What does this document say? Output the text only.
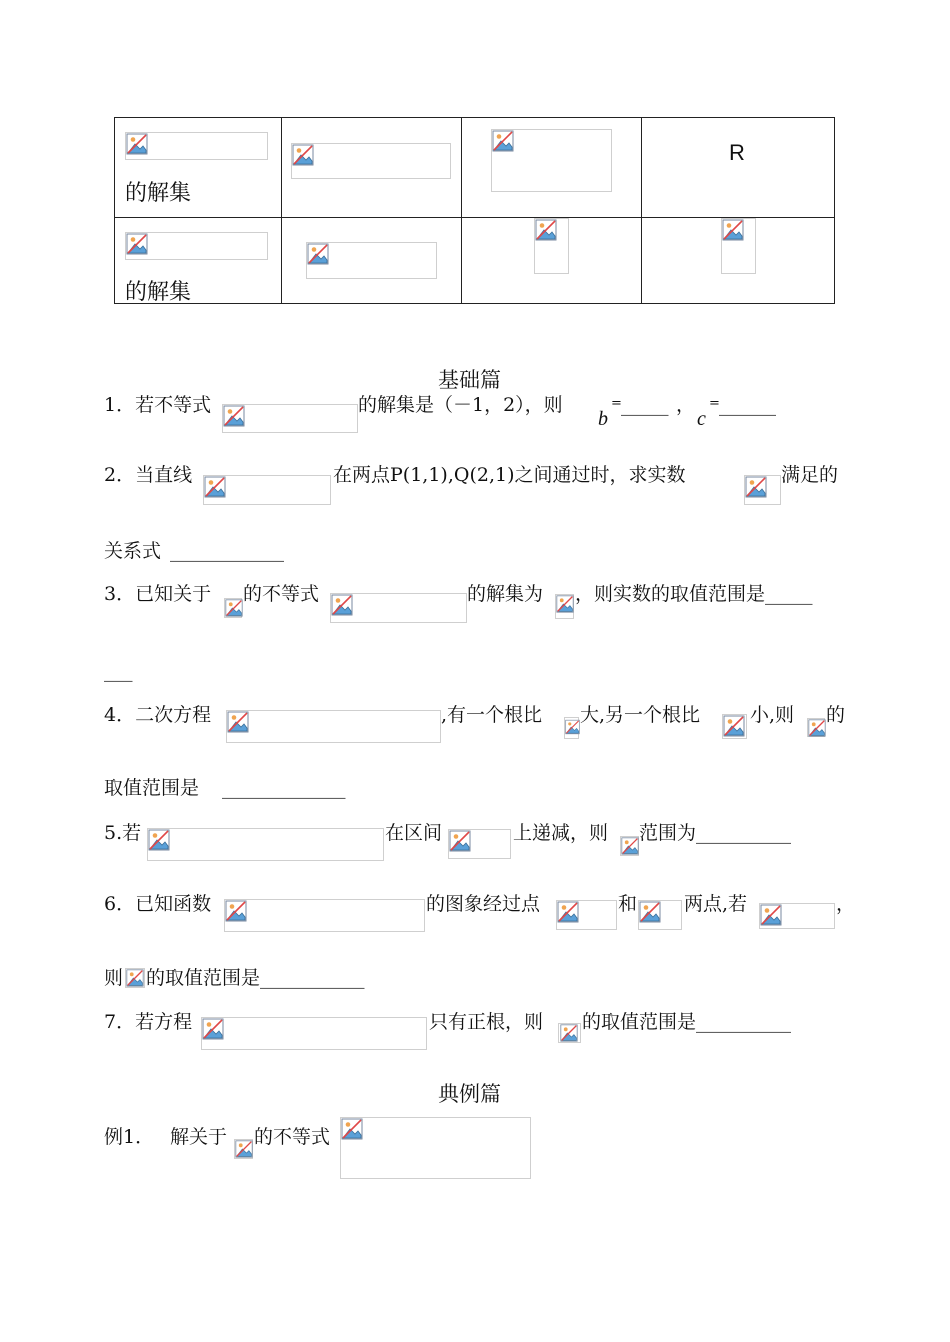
的解集			R

的解集

基础篇
1．若不等式	的解集是（－1，2），则
b
= _____ ，
c
= ______
2．当直线	在两点P(1,1),Q(2,1)之间通过时，求实数	满足的
关系式 ____________
3．已知关于 的不等式	的解集为 ，则实数的取值范围是_____
___
4．二次方程	,有一个根比 大,另一个根比	小,则 的
取值范围是 _____________
5.若	在区间	上递减，则 范围为__________
6．已知函数	的图象经过点	和 两点,若	，
则 的取值范围是___________
7．若方程	只有正根，则 的取值范围是__________
典例篇
例1． 解关于 的不等式
